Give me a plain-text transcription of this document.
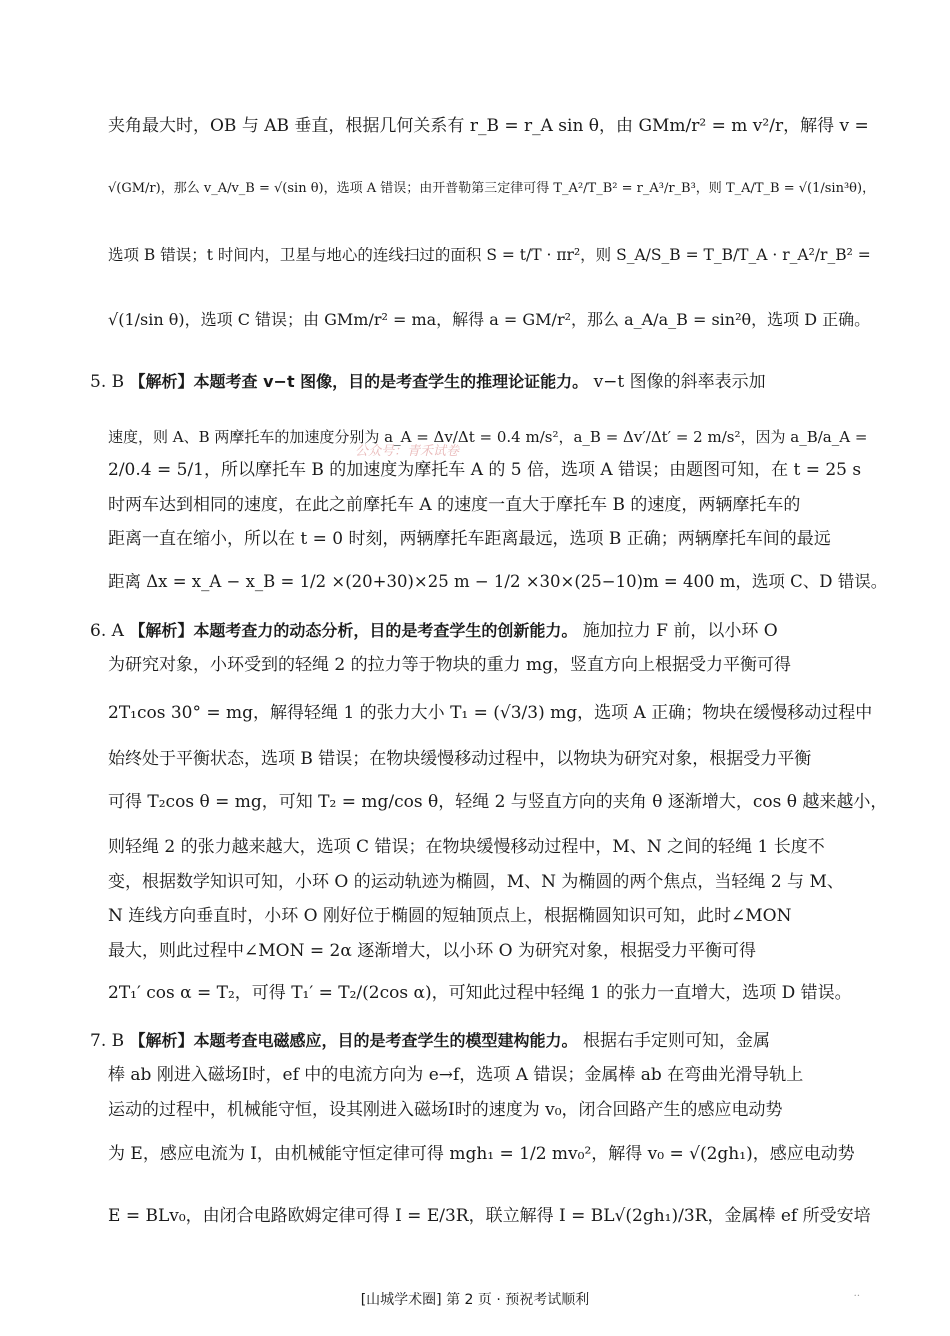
夹角最大时，OB 与 AB 垂直，根据几何关系有 r_B = r_A sin θ，由 GMm/r² = m v²/r，解得 v =
√(GM/r)，那么 v_A/v_B = √(sin θ)，选项 A 错误；由开普勒第三定律可得 T_A²/T_B² = r_A³/r_B³，则 T_A/T_B = √(1/sin³θ)，
选项 B 错误；t 时间内，卫星与地心的连线扫过的面积 S = t/T · πr²，则 S_A/S_B = T_B/T_A · r_A²/r_B² =
√(1/sin θ)，选项 C 错误；由 GMm/r² = ma，解得 a = GM/r²，那么 a_A/a_B = sin²θ，选项 D 正确。
5. B 【解析】本题考查 v−t 图像，目的是考查学生的推理论证能力。 v−t 图像的斜率表示加
速度，则 A、B 两摩托车的加速度分别为 a_A = Δv/Δt = 0.4 m/s²，a_B = Δv′/Δt′ = 2 m/s²，因为 a_B/a_A =
公众号：青禾试卷
2/0.4 = 5/1，所以摩托车 B 的加速度为摩托车 A 的 5 倍，选项 A 错误；由题图可知，在 t = 25 s
时两车达到相同的速度，在此之前摩托车 A 的速度一直大于摩托车 B 的速度，两辆摩托车的
距离一直在缩小，所以在 t = 0 时刻，两辆摩托车距离最远，选项 B 正确；两辆摩托车间的最远
距离 Δx = x_A − x_B = 1/2 ×(20+30)×25 m − 1/2 ×30×(25−10)m = 400 m，选项 C、D 错误。
6. A 【解析】本题考查力的动态分析，目的是考查学生的创新能力。 施加拉力 F 前，以小环 O
为研究对象，小环受到的轻绳 2 的拉力等于物块的重力 mg，竖直方向上根据受力平衡可得
2T₁cos 30° = mg，解得轻绳 1 的张力大小 T₁ = (√3/3) mg，选项 A 正确；物块在缓慢移动过程中
始终处于平衡状态，选项 B 错误；在物块缓慢移动过程中，以物块为研究对象，根据受力平衡
可得 T₂cos θ = mg，可知 T₂ = mg/cos θ，轻绳 2 与竖直方向的夹角 θ 逐渐增大，cos θ 越来越小，
则轻绳 2 的张力越来越大，选项 C 错误；在物块缓慢移动过程中，M、N 之间的轻绳 1 长度不
变，根据数学知识可知，小环 O 的运动轨迹为椭圆，M、N 为椭圆的两个焦点，当轻绳 2 与 M、
N 连线方向垂直时，小环 O 刚好位于椭圆的短轴顶点上，根据椭圆知识可知，此时∠MON
最大，则此过程中∠MON = 2α 逐渐增大，以小环 O 为研究对象，根据受力平衡可得
2T₁′ cos α = T₂，可得 T₁′ = T₂/(2cos α)，可知此过程中轻绳 1 的张力一直增大，选项 D 错误。
7. B 【解析】本题考查电磁感应，目的是考查学生的模型建构能力。 根据右手定则可知，金属
棒 ab 刚进入磁场Ⅰ时，ef 中的电流方向为 e→f，选项 A 错误；金属棒 ab 在弯曲光滑导轨上
运动的过程中，机械能守恒，设其刚进入磁场Ⅰ时的速度为 v₀，闭合回路产生的感应电动势
为 E，感应电流为 I，由机械能守恒定律可得 mgh₁ = 1/2 mv₀²，解得 v₀ = √(2gh₁)，感应电动势
E = BLv₀，由闭合电路欧姆定律可得 I = E/3R，联立解得 I = BL√(2gh₁)/3R，金属棒 ef 所受安培
[山城学术圈] 第 2 页 · 预祝考试顺利	··
